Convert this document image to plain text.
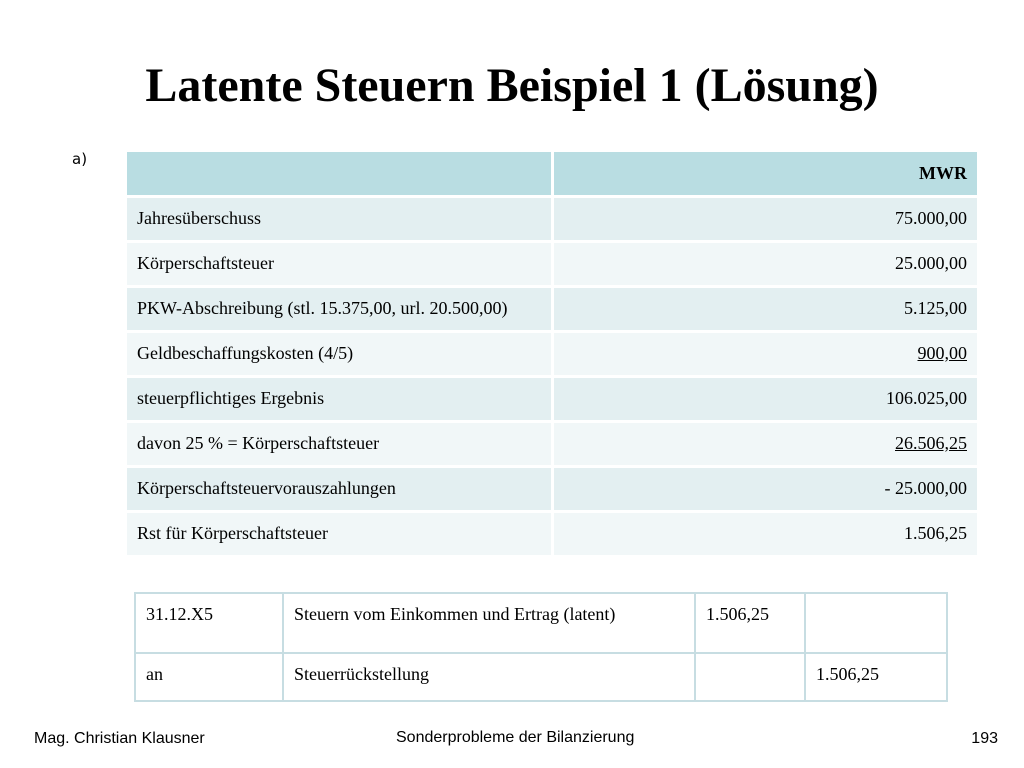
Latente Steuern Beispiel 1 (Lösung)
a)
	MWR
Jahresüberschuss	75.000,00
Körperschaftsteuer	25.000,00
PKW-Abschreibung (stl. 15.375,00, url. 20.500,00)	5.125,00
Geldbeschaffungskosten (4/5)	900,00
steuerpflichtiges Ergebnis	106.025,00
davon 25 % = Körperschaftsteuer	26.506,25
Körperschaftsteuervorauszahlungen	- 25.000,00
Rst für Körperschaftsteuer	1.506,25
31.12.X5	Steuern vom Einkommen und Ertrag (latent)	1.506,25	
an	Steuerrückstellung		1.506,25
Mag. Christian Klausner	Sonderprobleme der Bilanzierung	193
